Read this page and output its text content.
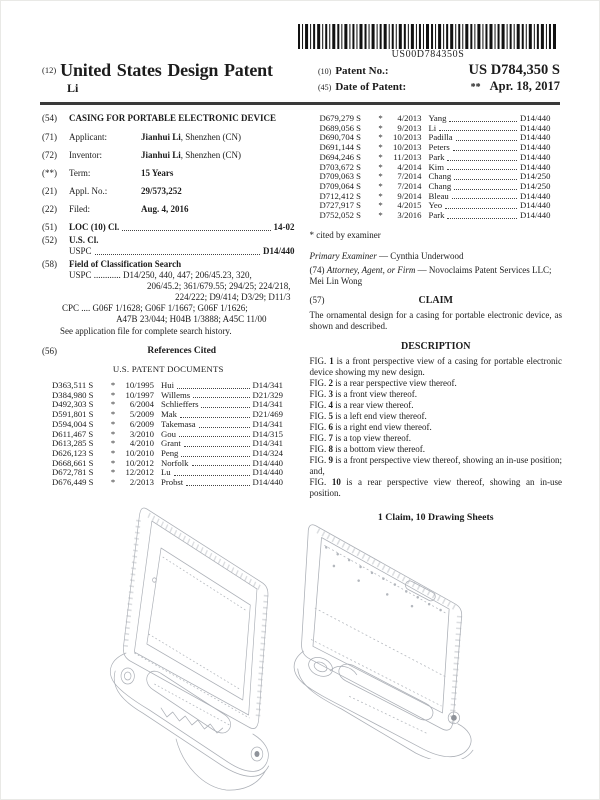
US00D784350S
(12) United States Design Patent
Li
(10) Patent No.:	US D784,350 S
(45) Date of Patent:	** Apr. 18, 2017
(54)	CASING FOR PORTABLE ELECTRONIC DEVICE
(71)	Applicant:	Jianhui Li, Shenzhen (CN)
(72)	Inventor:	Jianhui Li, Shenzhen (CN)
(**)	Term:	15 Years
(21)	Appl. No.:	29/573,252
(22)	Filed:	Aug. 4, 2016
(51)	LOC (10) Cl.	14-02
(52)	U.S. Cl.
USPC	D14/440
(58)	Field of Classification Search
USPC ............ D14/250, 440, 447; 206/45.23, 320,
206/45.2; 361/679.55; 294/25; 224/218,
224/222; D9/414; D3/29; D11/3
CPC .... G06F 1/1628; G06F 1/1667; G06F 1/1626;
A47B 23/044; H04B 1/3888; A45C 11/00
See application file for complete search history.
(56)	References Cited
U.S. PATENT DOCUMENTS
D363,511 S	*	10/1995 Hui	D14/341
D384,980 S	*	10/1997 Willems	D21/329
D492,303 S	*	6/2004 Schlieffers	D14/341
D591,801 S	*	5/2009 Mak	D21/469
D594,004 S	*	6/2009 Takemasa	D14/341
D611,467 S	*	3/2010 Gou	D14/315
D613,285 S	*	4/2010 Grant	D14/341
D626,123 S	*	10/2010 Peng	D14/324
D668,661 S	*	10/2012 Norfolk	D14/440
D672,781 S	*	12/2012 Lu	D14/440
D676,449 S	*	2/2013 Probst	D14/440
D679,279 S	*	4/2013 Yang	D14/440
D689,056 S	*	9/2013 Li	D14/440
D690,704 S	*	10/2013 Padilla	D14/440
D691,144 S	*	10/2013 Peters	D14/440
D694,246 S	*	11/2013 Park	D14/440
D703,672 S	*	4/2014 Kim	D14/440
D709,063 S	*	7/2014 Chang	D14/250
D709,064 S	*	7/2014 Chang	D14/250
D712,412 S	*	9/2014 Bleau	D14/440
D727,917 S	*	4/2015 Yeo	D14/440
D752,052 S	*	3/2016 Park	D14/440
* cited by examiner
Primary Examiner — Cynthia Underwood
(74) Attorney, Agent, or Firm — Novoclaims Patent Services LLC; Mei Lin Wong
(57)	CLAIM
The ornamental design for a casing for portable electronic device, as shown and described.
DESCRIPTION
FIG. 1 is a front perspective view of a casing for portable electronic device showing my new design.
FIG. 2 is a rear perspective view thereof.
FIG. 3 is a front view thereof.
FIG. 4 is a rear view thereof.
FIG. 5 is a left end view thereof.
FIG. 6 is a right end view thereof.
FIG. 7 is a top view thereof.
FIG. 8 is a bottom view thereof.
FIG. 9 is a front perspective view thereof, showing an in-use position; and,
FIG. 10 is a rear perspective view thereof, showing an in-use position.
1 Claim, 10 Drawing Sheets
